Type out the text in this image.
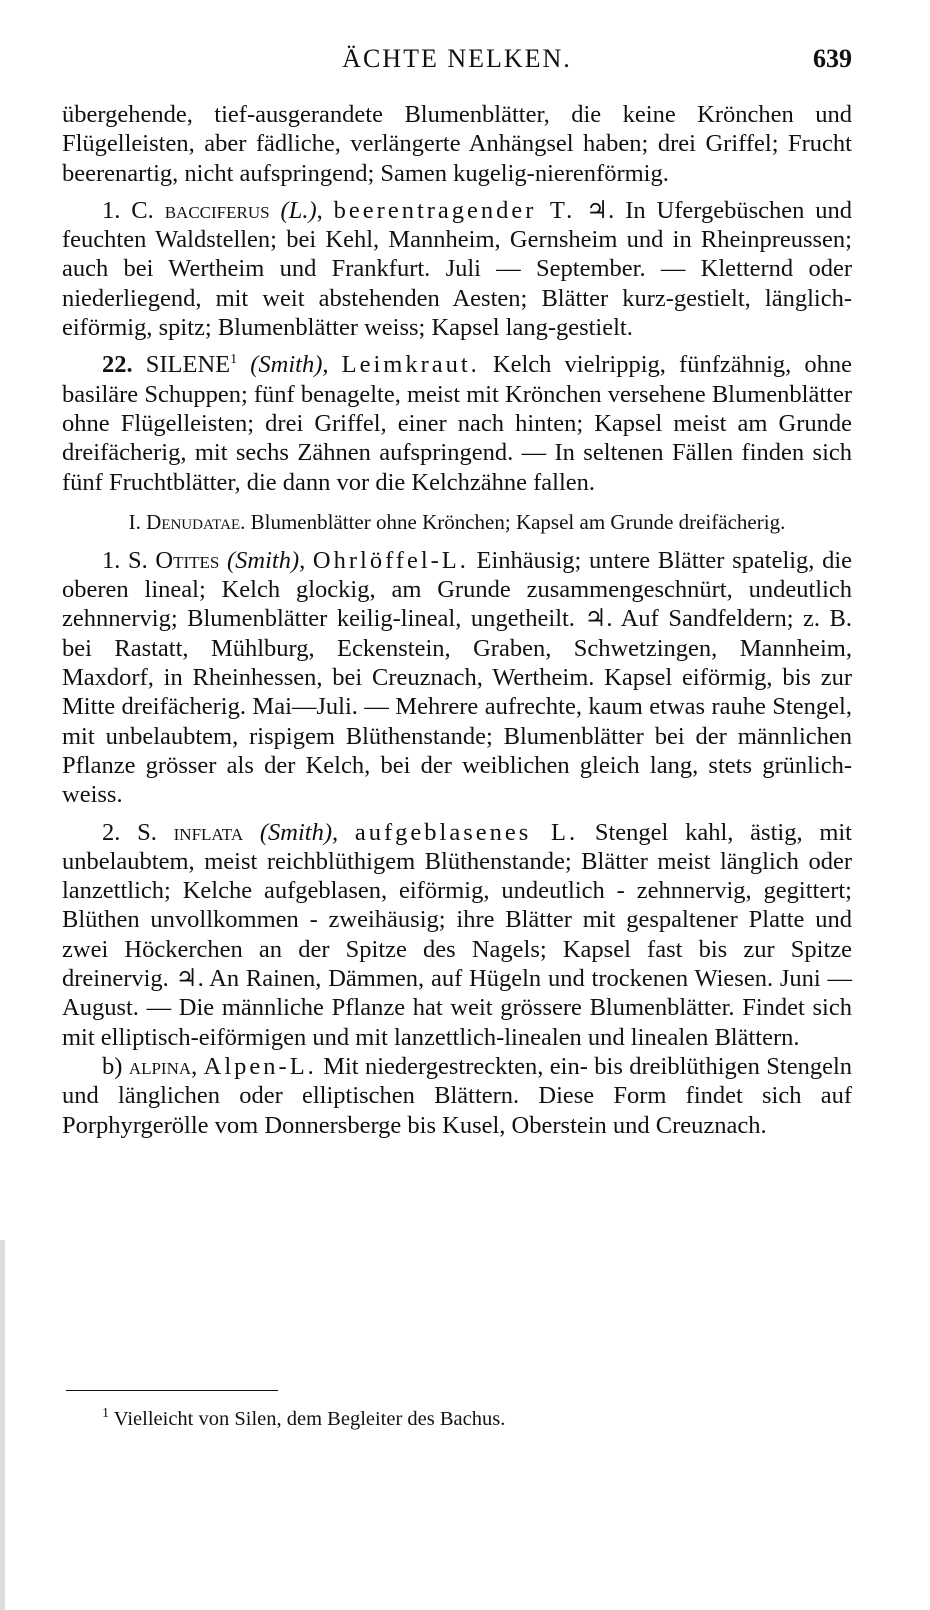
ÄCHTE NELKEN.	639

übergehende, tief-ausgerandete Blumenblätter, die keine Krönchen und Flügelleisten, aber fädliche, verlängerte Anhängsel haben; drei Griffel; Frucht beerenartig, nicht aufspringend; Samen kugelig-nierenförmig.

1. C. bacciferus (L.), beerentragender T. ♃. In Ufergebüschen und feuchten Waldstellen; bei Kehl, Mannheim, Gernsheim und in Rheinpreussen; auch bei Wertheim und Frankfurt. Juli — September. — Kletternd oder niederliegend, mit weit abstehenden Aesten; Blätter kurz-gestielt, länglich-eiförmig, spitz; Blumenblätter weiss; Kapsel lang-gestielt.

22. SILENE$^1$ (Smith), Leimkraut. Kelch vielrippig, fünfzähnig, ohne basiläre Schuppen; fünf benagelte, meist mit Krönchen versehene Blumenblätter ohne Flügelleisten; drei Griffel, einer nach hinten; Kapsel meist am Grunde dreifächerig, mit sechs Zähnen aufspringend. — In seltenen Fällen finden sich fünf Fruchtblätter, die dann vor die Kelchzähne fallen.

I. Denudatae. Blumenblätter ohne Krönchen; Kapsel am Grunde dreifächerig.

1. S. Otites (Smith), Ohrlöffel-L. Einhäusig; untere Blätter spatelig, die oberen lineal; Kelch glockig, am Grunde zusammengeschnürt, undeutlich zehnnervig; Blumenblätter keilig-lineal, ungetheilt. ♃. Auf Sandfeldern; z. B. bei Rastatt, Mühlburg, Eckenstein, Graben, Schwetzingen, Mannheim, Maxdorf, in Rheinhessen, bei Creuznach, Wertheim. Kapsel eiförmig, bis zur Mitte dreifächerig. Mai—Juli. — Mehrere aufrechte, kaum etwas rauhe Stengel, mit unbelaubtem, rispigem Blüthenstande; Blumenblätter bei der männlichen Pflanze grösser als der Kelch, bei der weiblichen gleich lang, stets grünlich-weiss.

2. S. inflata (Smith), aufgeblasenes L. Stengel kahl, ästig, mit unbelaubtem, meist reichblüthigem Blüthenstande; Blätter meist länglich oder lanzettlich; Kelche aufgeblasen, eiförmig, undeutlich - zehnnervig, gegittert; Blüthen unvollkommen - zweihäusig; ihre Blätter mit gespaltener Platte und zwei Höckerchen an der Spitze des Nagels; Kapsel fast bis zur Spitze dreinervig. ♃. An Rainen, Dämmen, auf Hügeln und trockenen Wiesen. Juni —August. — Die männliche Pflanze hat weit grössere Blumenblätter. Findet sich mit elliptisch-eiförmigen und mit lanzettlich-linealen und linealen Blättern.

b) alpina, Alpen-L. Mit niedergestreckten, ein- bis dreiblüthigen Stengeln und länglichen oder elliptischen Blättern. Diese Form findet sich auf Porphyrgerölle vom Donnersberge bis Kusel, Oberstein und Creuznach.

$^1$ Vielleicht von Silen, dem Begleiter des Bachus.
